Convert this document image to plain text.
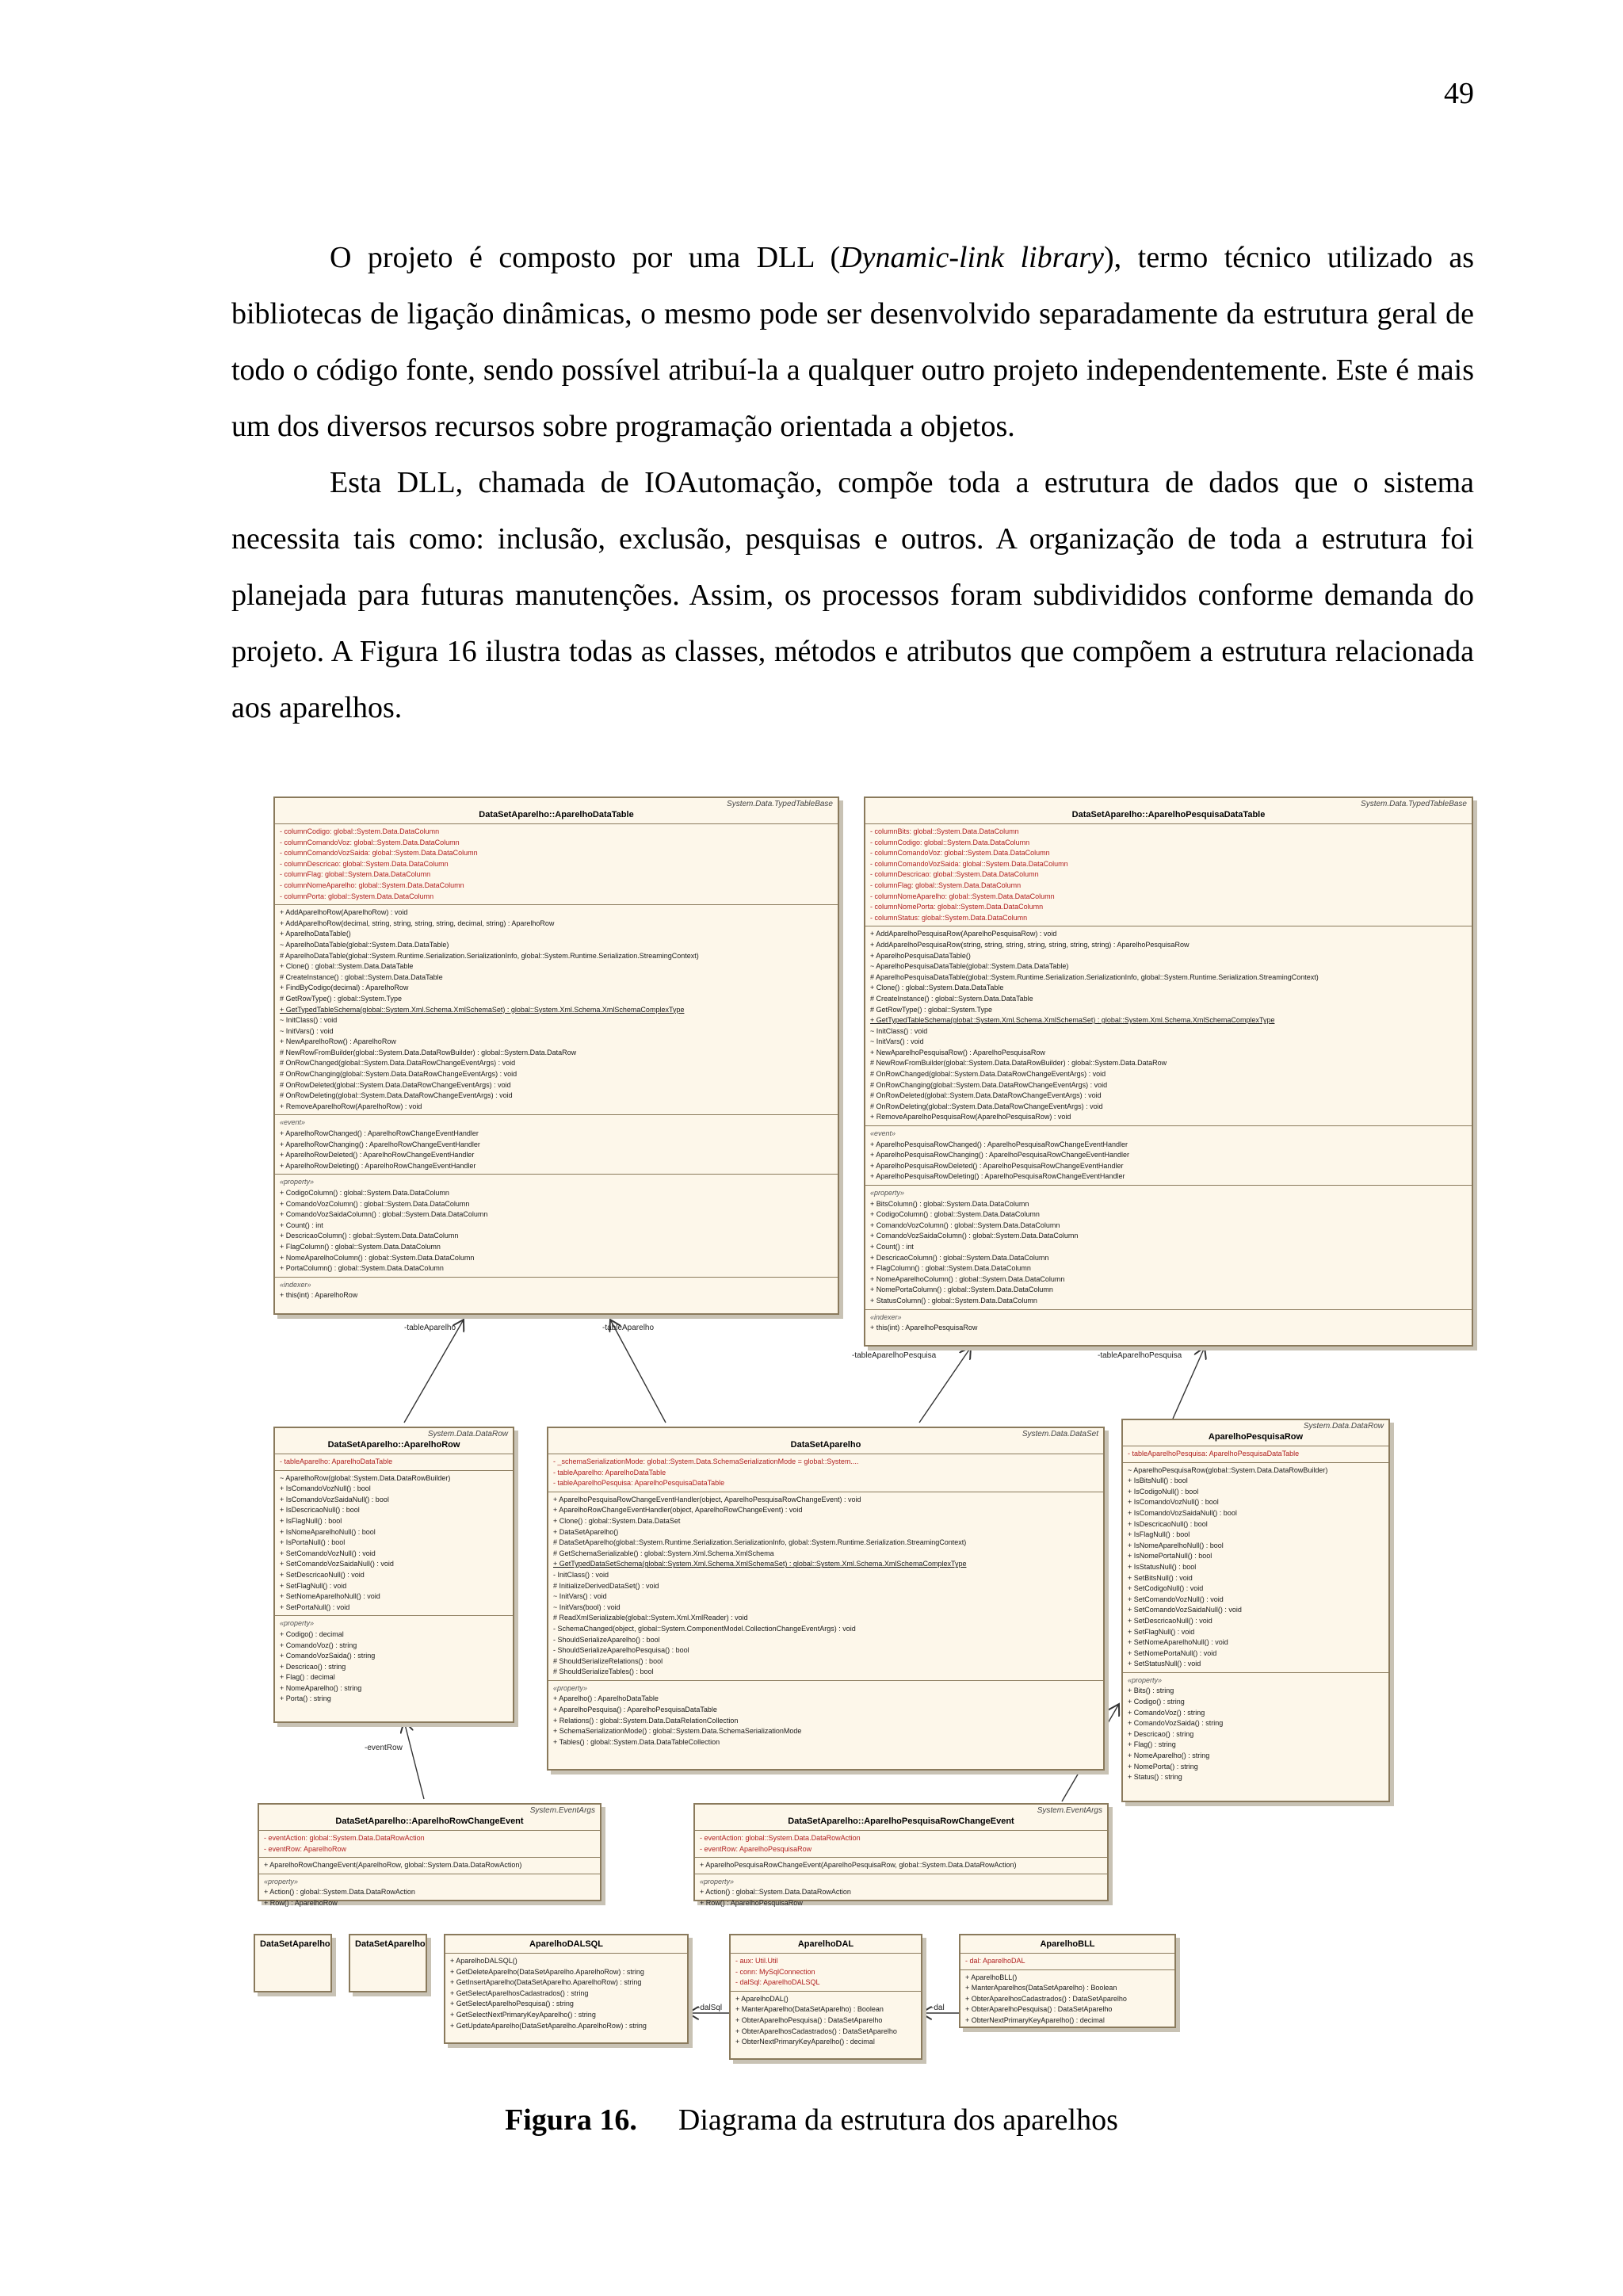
49

O projeto é composto por uma DLL (Dynamic-link library), termo técnico utilizado as bibliotecas de ligação dinâmicas, o mesmo pode ser desenvolvido separadamente da estrutura geral de todo o código fonte, sendo possível atribuí-la a qualquer outro projeto independentemente. Este é mais um dos diversos recursos sobre programação orientada a objetos.

Esta DLL, chamada de IOAutomação, compõe toda a estrutura de dados que o sistema necessita tais como: inclusão, exclusão, pesquisas e outros. A organização de toda a estrutura foi planejada para futuras manutenções. Assim, os processos foram subdivididos conforme demanda do projeto. A Figura 16 ilustra todas as classes, métodos e atributos que compõem a estrutura relacionada aos aparelhos.

-tableAparelho	-tableAparelho
-tableAparelhoPesquisa	-tableAparelhoPesquisa
-eventRow
-dalSql	-dal
System.Data.TypedTableBase
DataSetAparelho::AparelhoDataTable
- columnCodigo: global::System.Data.DataColumn
- columnComandoVoz: global::System.Data.DataColumn
- columnComandoVozSaida: global::System.Data.DataColumn
- columnDescricao: global::System.Data.DataColumn
- columnFlag: global::System.Data.DataColumn
- columnNomeAparelho: global::System.Data.DataColumn
- columnPorta: global::System.Data.DataColumn
+ AddAparelhoRow(AparelhoRow) : void
+ AddAparelhoRow(decimal, string, string, string, string, decimal, string) : AparelhoRow
+ AparelhoDataTable()
~ AparelhoDataTable(global::System.Data.DataTable)
# AparelhoDataTable(global::System.Runtime.Serialization.SerializationInfo, global::System.Runtime.Serialization.StreamingContext)
+ Clone() : global::System.Data.DataTable
# CreateInstance() : global::System.Data.DataTable
+ FindByCodigo(decimal) : AparelhoRow
# GetRowType() : global::System.Type
+ GetTypedTableSchema(global::System.Xml.Schema.XmlSchemaSet) : global::System.Xml.Schema.XmlSchemaComplexType
~ InitClass() : void
~ InitVars() : void
+ NewAparelhoRow() : AparelhoRow
# NewRowFromBuilder(global::System.Data.DataRowBuilder) : global::System.Data.DataRow
# OnRowChanged(global::System.Data.DataRowChangeEventArgs) : void
# OnRowChanging(global::System.Data.DataRowChangeEventArgs) : void
# OnRowDeleted(global::System.Data.DataRowChangeEventArgs) : void
# OnRowDeleting(global::System.Data.DataRowChangeEventArgs) : void
+ RemoveAparelhoRow(AparelhoRow) : void
«event»
+ AparelhoRowChanged() : AparelhoRowChangeEventHandler
+ AparelhoRowChanging() : AparelhoRowChangeEventHandler
+ AparelhoRowDeleted() : AparelhoRowChangeEventHandler
+ AparelhoRowDeleting() : AparelhoRowChangeEventHandler
«property»
+ CodigoColumn() : global::System.Data.DataColumn
+ ComandoVozColumn() : global::System.Data.DataColumn
+ ComandoVozSaidaColumn() : global::System.Data.DataColumn
+ Count() : int
+ DescricaoColumn() : global::System.Data.DataColumn
+ FlagColumn() : global::System.Data.DataColumn
+ NomeAparelhoColumn() : global::System.Data.DataColumn
+ PortaColumn() : global::System.Data.DataColumn
«indexer»
+ this(int) : AparelhoRow
System.Data.TypedTableBase
DataSetAparelho::AparelhoPesquisaDataTable
- columnBits: global::System.Data.DataColumn
- columnCodigo: global::System.Data.DataColumn
- columnComandoVoz: global::System.Data.DataColumn
- columnComandoVozSaida: global::System.Data.DataColumn
- columnDescricao: global::System.Data.DataColumn
- columnFlag: global::System.Data.DataColumn
- columnNomeAparelho: global::System.Data.DataColumn
- columnNomePorta: global::System.Data.DataColumn
- columnStatus: global::System.Data.DataColumn
+ AddAparelhoPesquisaRow(AparelhoPesquisaRow) : void
+ AddAparelhoPesquisaRow(string, string, string, string, string, string, string) : AparelhoPesquisaRow
+ AparelhoPesquisaDataTable()
~ AparelhoPesquisaDataTable(global::System.Data.DataTable)
# AparelhoPesquisaDataTable(global::System.Runtime.Serialization.SerializationInfo, global::System.Runtime.Serialization.StreamingContext)
+ Clone() : global::System.Data.DataTable
# CreateInstance() : global::System.Data.DataTable
# GetRowType() : global::System.Type
+ GetTypedTableSchema(global::System.Xml.Schema.XmlSchemaSet) : global::System.Xml.Schema.XmlSchemaComplexType
~ InitClass() : void
~ InitVars() : void
+ NewAparelhoPesquisaRow() : AparelhoPesquisaRow
# NewRowFromBuilder(global::System.Data.DataRowBuilder) : global::System.Data.DataRow
# OnRowChanged(global::System.Data.DataRowChangeEventArgs) : void
# OnRowChanging(global::System.Data.DataRowChangeEventArgs) : void
# OnRowDeleted(global::System.Data.DataRowChangeEventArgs) : void
# OnRowDeleting(global::System.Data.DataRowChangeEventArgs) : void
+ RemoveAparelhoPesquisaRow(AparelhoPesquisaRow) : void
«event»
+ AparelhoPesquisaRowChanged() : AparelhoPesquisaRowChangeEventHandler
+ AparelhoPesquisaRowChanging() : AparelhoPesquisaRowChangeEventHandler
+ AparelhoPesquisaRowDeleted() : AparelhoPesquisaRowChangeEventHandler
+ AparelhoPesquisaRowDeleting() : AparelhoPesquisaRowChangeEventHandler
«property»
+ BitsColumn() : global::System.Data.DataColumn
+ CodigoColumn() : global::System.Data.DataColumn
+ ComandoVozColumn() : global::System.Data.DataColumn
+ ComandoVozSaidaColumn() : global::System.Data.DataColumn
+ Count() : int
+ DescricaoColumn() : global::System.Data.DataColumn
+ FlagColumn() : global::System.Data.DataColumn
+ NomeAparelhoColumn() : global::System.Data.DataColumn
+ NomePortaColumn() : global::System.Data.DataColumn
+ StatusColumn() : global::System.Data.DataColumn
«indexer»
+ this(int) : AparelhoPesquisaRow
System.Data.DataRow
DataSetAparelho::AparelhoRow
- tableAparelho: AparelhoDataTable
~ AparelhoRow(global::System.Data.DataRowBuilder)
+ IsComandoVozNull() : bool
+ IsComandoVozSaidaNull() : bool
+ IsDescricaoNull() : bool
+ IsFlagNull() : bool
+ IsNomeAparelhoNull() : bool
+ IsPortaNull() : bool
+ SetComandoVozNull() : void
+ SetComandoVozSaidaNull() : void
+ SetDescricaoNull() : void
+ SetFlagNull() : void
+ SetNomeAparelhoNull() : void
+ SetPortaNull() : void
«property»
+ Codigo() : decimal
+ ComandoVoz() : string
+ ComandoVozSaida() : string
+ Descricao() : string
+ Flag() : decimal
+ NomeAparelho() : string
+ Porta() : string
System.Data.DataSet
DataSetAparelho
- _schemaSerializationMode: global::System.Data.SchemaSerializationMode = global::System....
- tableAparelho: AparelhoDataTable
- tableAparelhoPesquisa: AparelhoPesquisaDataTable
+ AparelhoPesquisaRowChangeEventHandler(object, AparelhoPesquisaRowChangeEvent) : void
+ AparelhoRowChangeEventHandler(object, AparelhoRowChangeEvent) : void
+ Clone() : global::System.Data.DataSet
+ DataSetAparelho()
# DataSetAparelho(global::System.Runtime.Serialization.SerializationInfo, global::System.Runtime.Serialization.StreamingContext)
# GetSchemaSerializable() : global::System.Xml.Schema.XmlSchema
+ GetTypedDataSetSchema(global::System.Xml.Schema.XmlSchemaSet) : global::System.Xml.Schema.XmlSchemaComplexType
- InitClass() : void
# InitializeDerivedDataSet() : void
~ InitVars() : void
~ InitVars(bool) : void
# ReadXmlSerializable(global::System.Xml.XmlReader) : void
- SchemaChanged(object, global::System.ComponentModel.CollectionChangeEventArgs) : void
- ShouldSerializeAparelho() : bool
- ShouldSerializeAparelhoPesquisa() : bool
# ShouldSerializeRelations() : bool
# ShouldSerializeTables() : bool
«property»
+ Aparelho() : AparelhoDataTable
+ AparelhoPesquisa() : AparelhoPesquisaDataTable
+ Relations() : global::System.Data.DataRelationCollection
+ SchemaSerializationMode() : global::System.Data.SchemaSerializationMode
+ Tables() : global::System.Data.DataTableCollection
System.Data.DataRow
AparelhoPesquisaRow
- tableAparelhoPesquisa: AparelhoPesquisaDataTable
~ AparelhoPesquisaRow(global::System.Data.DataRowBuilder)
+ IsBitsNull() : bool
+ IsCodigoNull() : bool
+ IsComandoVozNull() : bool
+ IsComandoVozSaidaNull() : bool
+ IsDescricaoNull() : bool
+ IsFlagNull() : bool
+ IsNomeAparelhoNull() : bool
+ IsNomePortaNull() : bool
+ IsStatusNull() : bool
+ SetBitsNull() : void
+ SetCodigoNull() : void
+ SetComandoVozNull() : void
+ SetComandoVozSaidaNull() : void
+ SetDescricaoNull() : void
+ SetFlagNull() : void
+ SetNomeAparelhoNull() : void
+ SetNomePortaNull() : void
+ SetStatusNull() : void
«property»
+ Bits() : string
+ Codigo() : string
+ ComandoVoz() : string
+ ComandoVozSaida() : string
+ Descricao() : string
+ Flag() : string
+ NomeAparelho() : string
+ NomePorta() : string
+ Status() : string
System.EventArgs
DataSetAparelho::AparelhoRowChangeEvent
- eventAction: global::System.Data.DataRowAction
- eventRow: AparelhoRow
+ AparelhoRowChangeEvent(AparelhoRow, global::System.Data.DataRowAction)
«property»
+ Action() : global::System.Data.DataRowAction
+ Row() : AparelhoRow
System.EventArgs
DataSetAparelho::AparelhoPesquisaRowChangeEvent
- eventAction: global::System.Data.DataRowAction
- eventRow: AparelhoPesquisaRow
+ AparelhoPesquisaRowChangeEvent(AparelhoPesquisaRow, global::System.Data.DataRowAction)
«property»
+ Action() : global::System.Data.DataRowAction
+ Row() : AparelhoPesquisaRow
DataSetAparelho	DataSetAparelho	AparelhoDALSQL
+ AparelhoDALSQL()
+ GetDeleteAparelho(DataSetAparelho.AparelhoRow) : string
+ GetInsertAparelho(DataSetAparelho.AparelhoRow) : string
+ GetSelectAparelhosCadastrados() : string
+ GetSelectAparelhoPesquisa() : string
+ GetSelectNextPrimaryKeyAparelho() : string
+ GetUpdateAparelho(DataSetAparelho.AparelhoRow) : string
AparelhoDAL
- aux: Util.Util
- conn: MySqlConnection
- dalSql: AparelhoDALSQL
+ AparelhoDAL()
+ ManterAparelho(DataSetAparelho) : Boolean
+ ObterAparelhoPesquisa() : DataSetAparelho
+ ObterAparelhosCadastrados() : DataSetAparelho
+ ObterNextPrimaryKeyAparelho() : decimal
AparelhoBLL
- dal: AparelhoDAL
+ AparelhoBLL()
+ ManterAparelhos(DataSetAparelho) : Boolean
+ ObterAparelhosCadastrados() : DataSetAparelho
+ ObterAparelhoPesquisa() : DataSetAparelho
+ ObterNextPrimaryKeyAparelho() : decimal
Figura 16. Diagrama da estrutura dos aparelhos
